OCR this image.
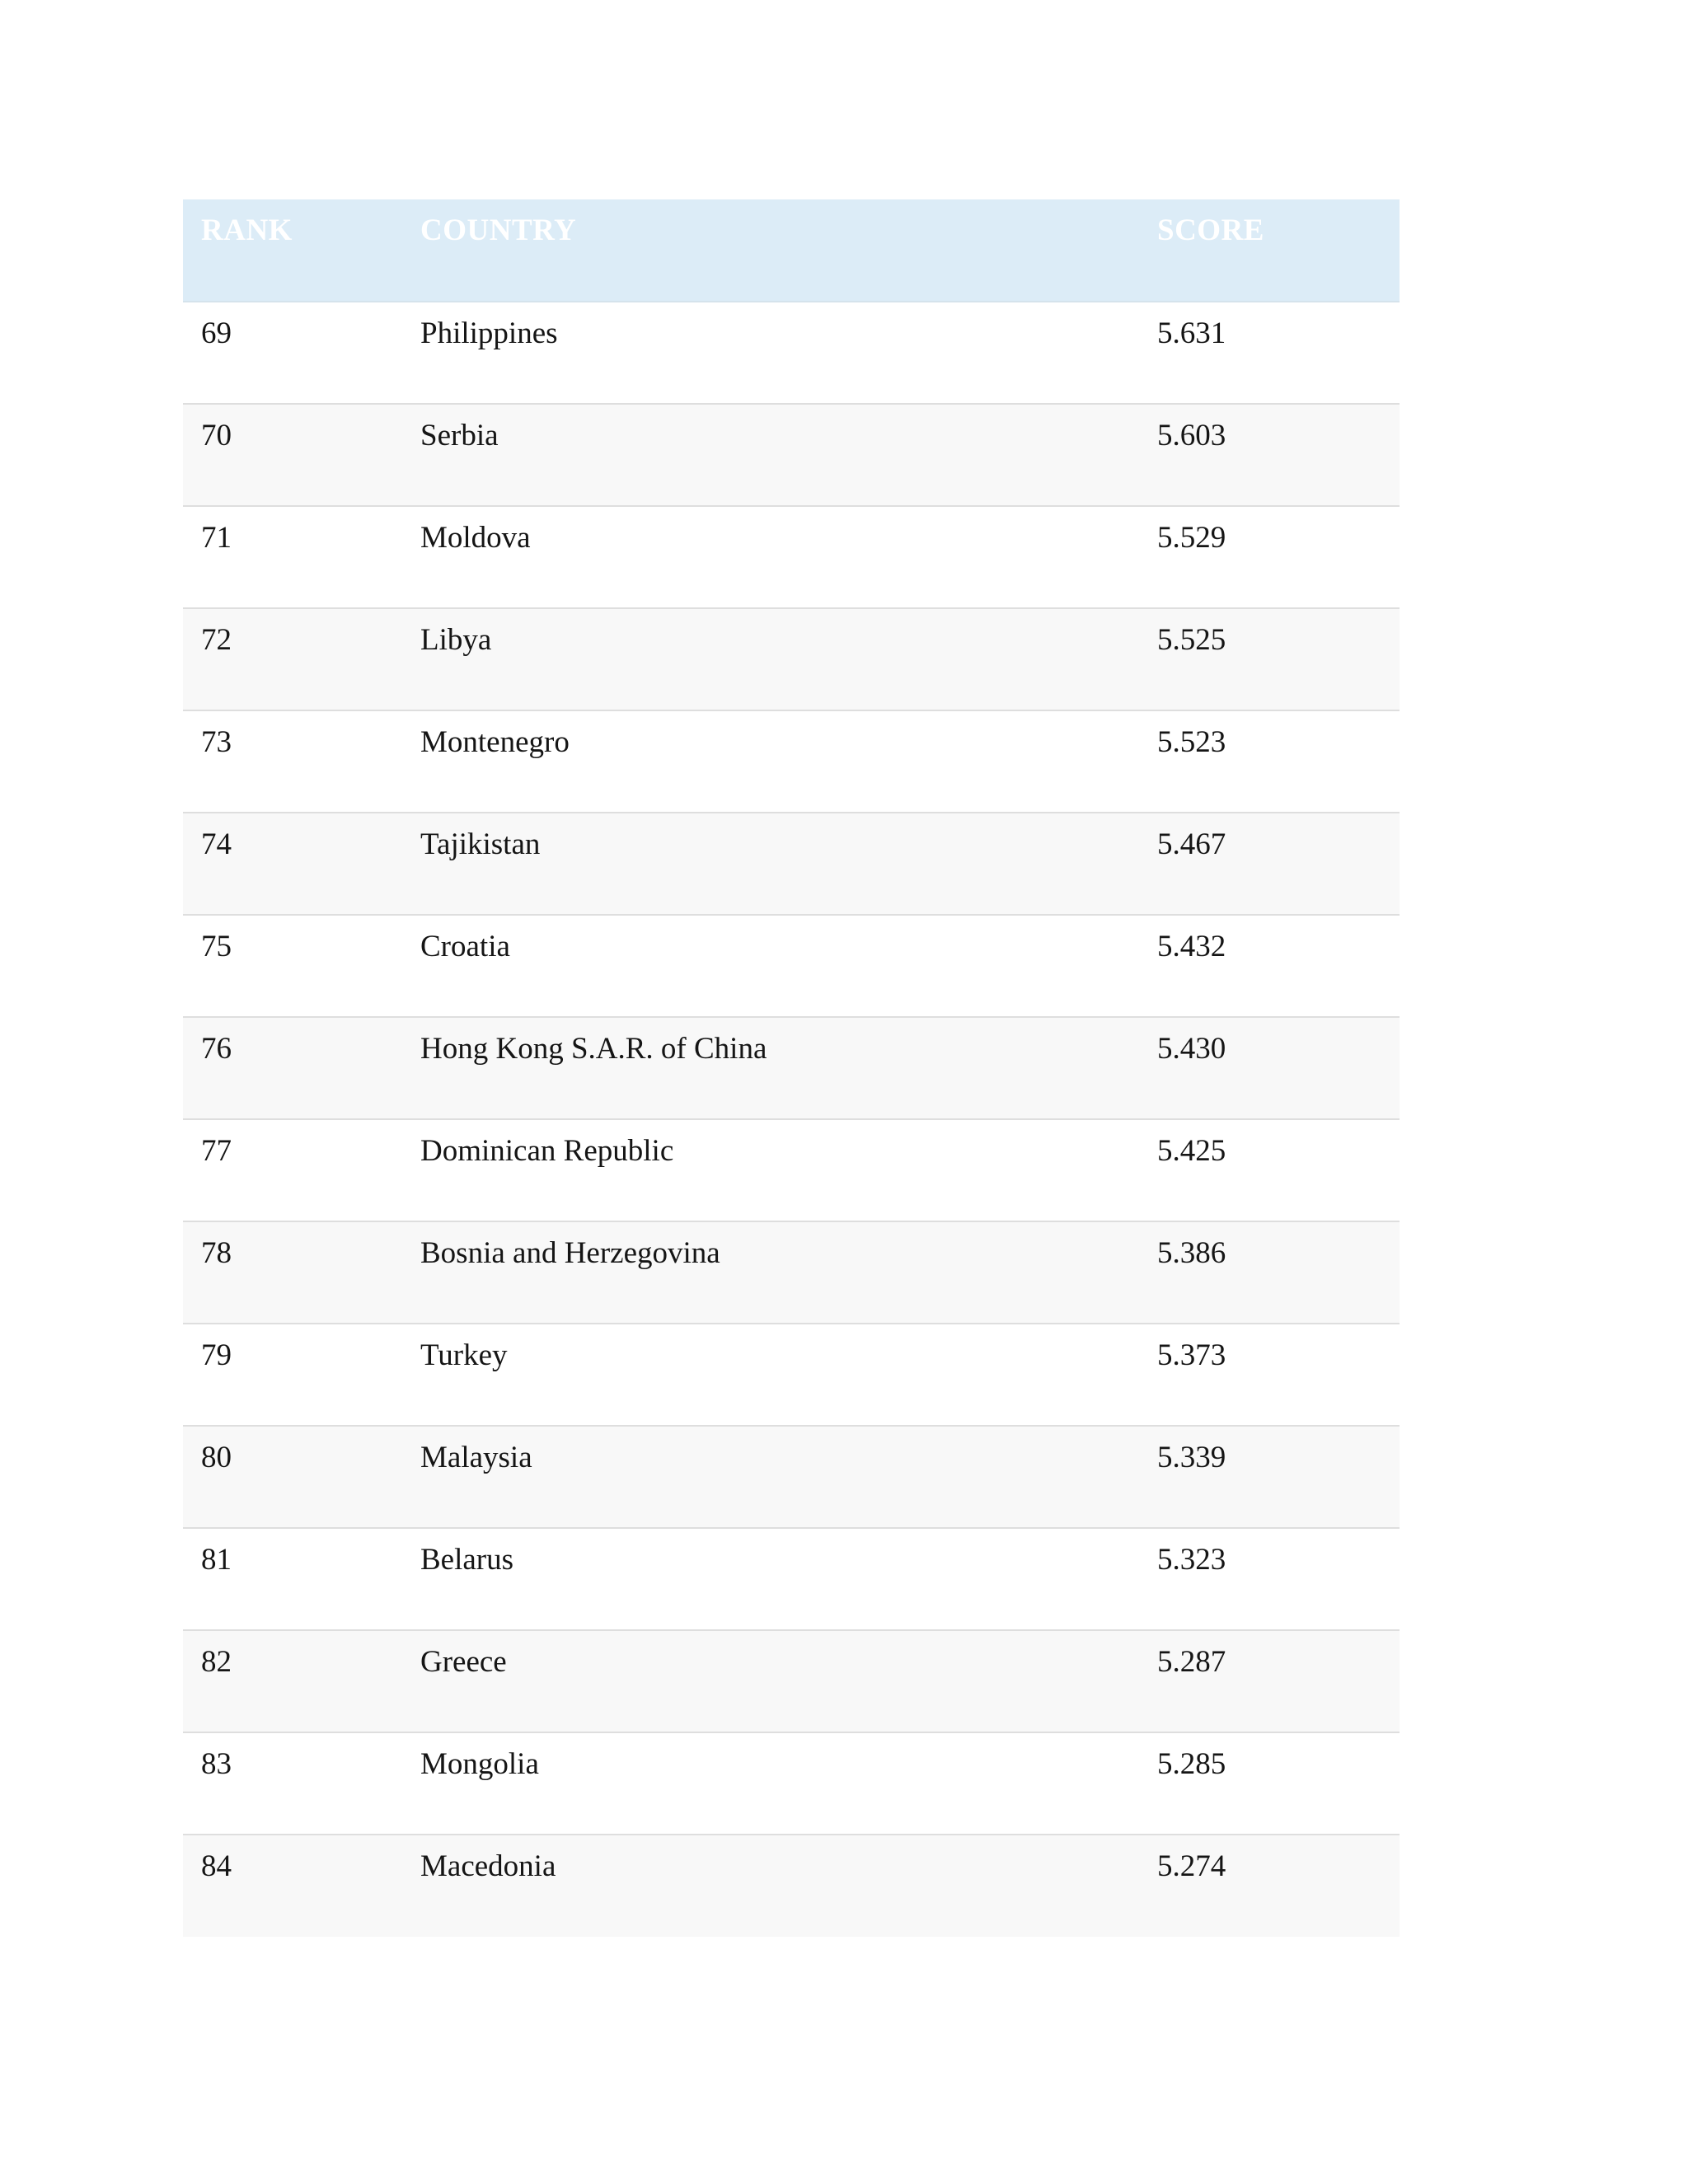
RANK	COUNTRY	SCORE
69	Philippines	5.631
70	Serbia	5.603
71	Moldova	5.529
72	Libya	5.525
73	Montenegro	5.523
74	Tajikistan	5.467
75	Croatia	5.432
76	Hong Kong S.A.R. of China	5.430
77	Dominican Republic	5.425
78	Bosnia and Herzegovina	5.386
79	Turkey	5.373
80	Malaysia	5.339
81	Belarus	5.323
82	Greece	5.287
83	Mongolia	5.285
84	Macedonia	5.274
